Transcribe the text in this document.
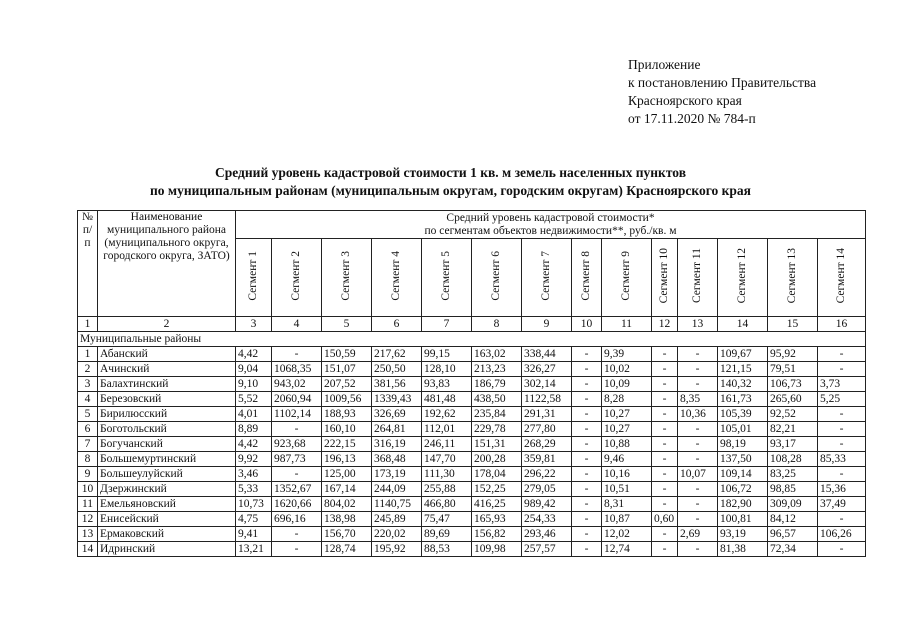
Приложение
к постановлению Правительства
Красноярского края
от 17.11.2020 № 784-п
Средний уровень кадастровой стоимости 1 кв. м земель населенных пунктов
по муниципальным районам (муниципальным округам, городским округам) Красноярского края
№ п/п	Наименование муниципального района (муниципального округа, городского округа, ЗАТО)	Средний уровень кадастровой стоимости*
по сегментам объектов недвижимости**, руб./кв. м													

		Сегмент 1	Сегмент 2	Сегмент 3	Сегмент 4	Сегмент 5	Сегмент 6	Сегмент 7	Сегмент 8	Сегмент 9	Сегмент 10	Сегмент 11	Сегмент 12	Сегмент 13	Сегмент 14
1	2	3	4	5	6	7	8	9	10	11	12	13	14	15	16
Муниципальные районы															
1	Абанский	4,42	-	150,59	217,62	99,15	163,02	338,44	-	9,39	-	-	109,67	95,92	-
2	Ачинский	9,04	1068,35	151,07	250,50	128,10	213,23	326,27	-	10,02	-	-	121,15	79,51	-
3	Балахтинский	9,10	943,02	207,52	381,56	93,83	186,79	302,14	-	10,09	-	-	140,32	106,73	3,73
4	Березовский	5,52	2060,94	1009,56	1339,43	481,48	438,50	1122,58	-	8,28	-	8,35	161,73	265,60	5,25
5	Бирилюсский	4,01	1102,14	188,93	326,69	192,62	235,84	291,31	-	10,27	-	10,36	105,39	92,52	-
6	Боготольский	8,89	-	160,10	264,81	112,01	229,78	277,80	-	10,27	-	-	105,01	82,21	-
7	Богучанский	4,42	923,68	222,15	316,19	246,11	151,31	268,29	-	10,88	-	-	98,19	93,17	-
8	Большемуртинский	9,92	987,73	196,13	368,48	147,70	200,28	359,81	-	9,46	-	-	137,50	108,28	85,33
9	Большеулуйский	3,46	-	125,00	173,19	111,30	178,04	296,22	-	10,16	-	10,07	109,14	83,25	-
10	Дзержинский	5,33	1352,67	167,14	244,09	255,88	152,25	279,05	-	10,51	-	-	106,72	98,85	15,36
11	Емельяновский	10,73	1620,66	804,02	1140,75	466,80	416,25	989,42	-	8,31	-	-	182,90	309,09	37,49
12	Енисейский	4,75	696,16	138,98	245,89	75,47	165,93	254,33	-	10,87	0,60	-	100,81	84,12	-
13	Ермаковский	9,41	-	156,70	220,02	89,69	156,82	293,46	-	12,02	-	2,69	93,19	96,57	106,26
14	Идринский	13,21	-	128,74	195,92	88,53	109,98	257,57	-	12,74	-	-	81,38	72,34	-
